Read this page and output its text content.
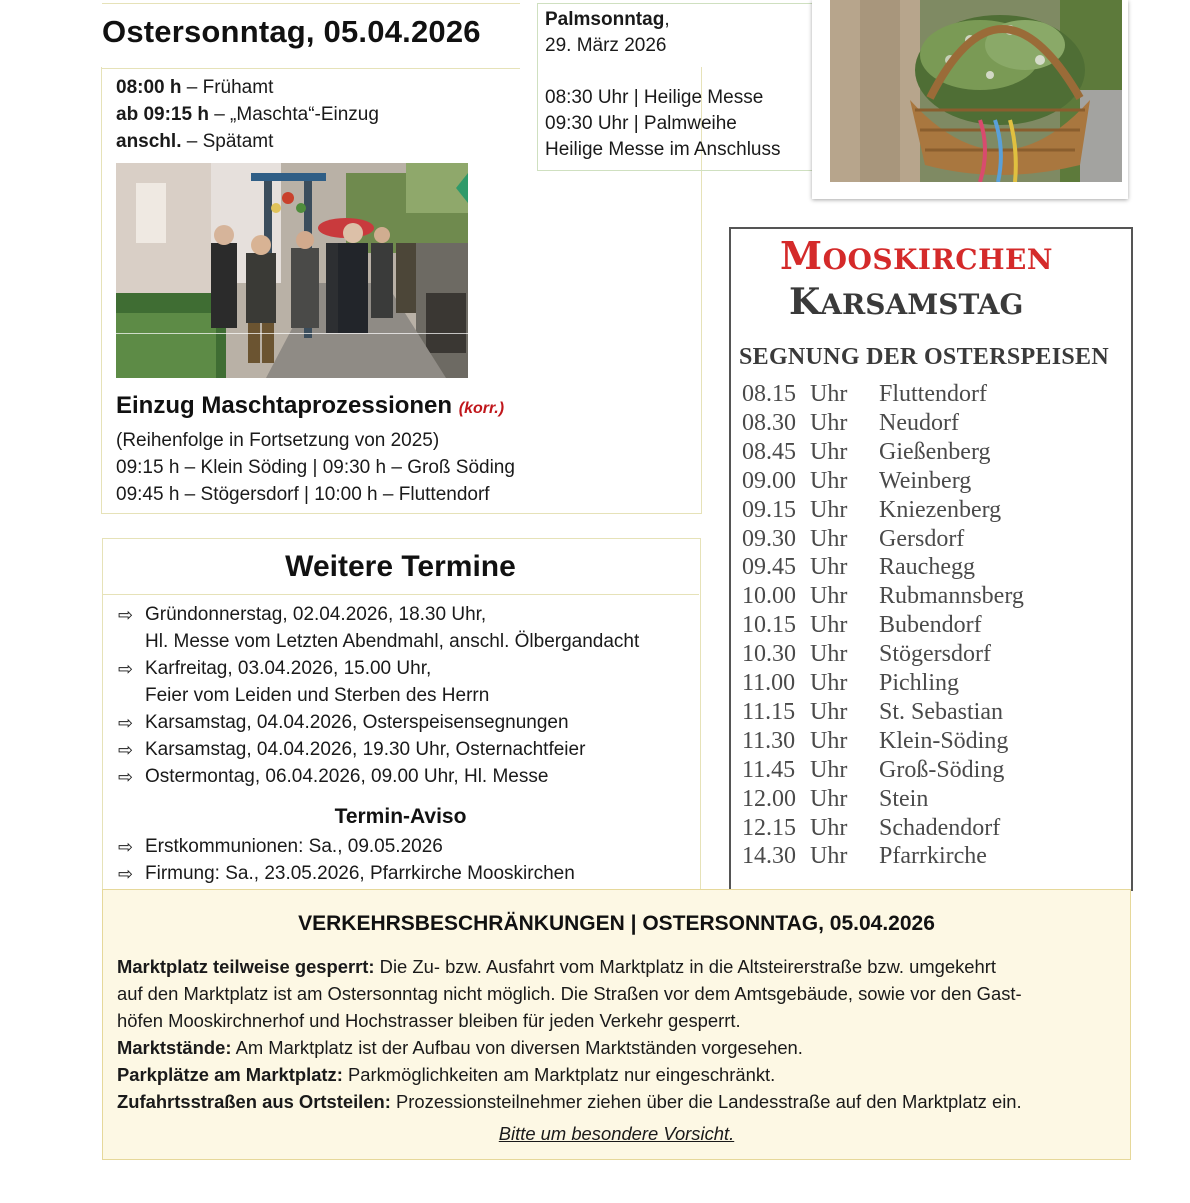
Ostersonntag, 05.04.2026
08:00 h – Frühamt
ab 09:15 h – „Maschta“-Einzug
anschl. – Spätamt
Einzug Maschtaprozessionen (korr.)
(Reihenfolge in Fortsetzung von 2025)
09:15 h – Klein Söding | 09:30 h – Groß Söding
09:45 h – Stögersdorf | 10:00 h – Fluttendorf
Palmsonntag,
29. März 2026
08:30 Uhr | Heilige Messe
09:30 Uhr | Palmweihe
Heilige Messe im Anschluss
Weitere Termine
⇨ Gründonnerstag, 02.04.2026, 18.30 Uhr,
Hl. Messe vom Letzten Abendmahl, anschl. Ölbergandacht
⇨ Karfreitag, 03.04.2026, 15.00 Uhr,
Feier vom Leiden und Sterben des Herrn
⇨ Karsamstag, 04.04.2026, Osterspeisensegnungen
⇨ Karsamstag, 04.04.2026, 19.30 Uhr, Osternachtfeier
⇨ Ostermontag, 06.04.2026, 09.00 Uhr, Hl. Messe
Termin-Aviso
⇨ Erstkommunionen: Sa., 09.05.2026
⇨ Firmung: Sa., 23.05.2026, Pfarrkirche Mooskirchen
MOOSKIRCHEN
KARSAMSTAG
SEGNUNG DER OSTERSPEISEN
08.15 Uhr Fluttendorf
08.30 Uhr Neudorf
08.45 Uhr Gießenberg
09.00 Uhr Weinberg
09.15 Uhr Kniezenberg
09.30 Uhr Gersdorf
09.45 Uhr Rauchegg
10.00 Uhr Rubmannsberg
10.15 Uhr Bubendorf
10.30 Uhr Stögersdorf
11.00 Uhr Pichling
11.15 Uhr St. Sebastian
11.30 Uhr Klein-Söding
11.45 Uhr Groß-Söding
12.00 Uhr Stein
12.15 Uhr Schadendorf
14.30 Uhr Pfarrkirche
VERKEHRSBESCHRÄNKUNGEN | OSTERSONNTAG, 05.04.2026
Marktplatz teilweise gesperrt: Die Zu- bzw. Ausfahrt vom Marktplatz in die Altsteirerstraße bzw. umgekehrt
auf den Marktplatz ist am Ostersonntag nicht möglich. Die Straßen vor dem Amtsgebäude, sowie vor den Gast-
höfen Mooskirchnerhof und Hochstrasser bleiben für jeden Verkehr gesperrt.
Marktstände: Am Marktplatz ist der Aufbau von diversen Marktständen vorgesehen.
Parkplätze am Marktplatz: Parkmöglichkeiten am Marktplatz nur eingeschränkt.
Zufahrtsstraßen aus Ortsteilen: Prozessionsteilnehmer ziehen über die Landesstraße auf den Marktplatz ein.
Bitte um besondere Vorsicht.
